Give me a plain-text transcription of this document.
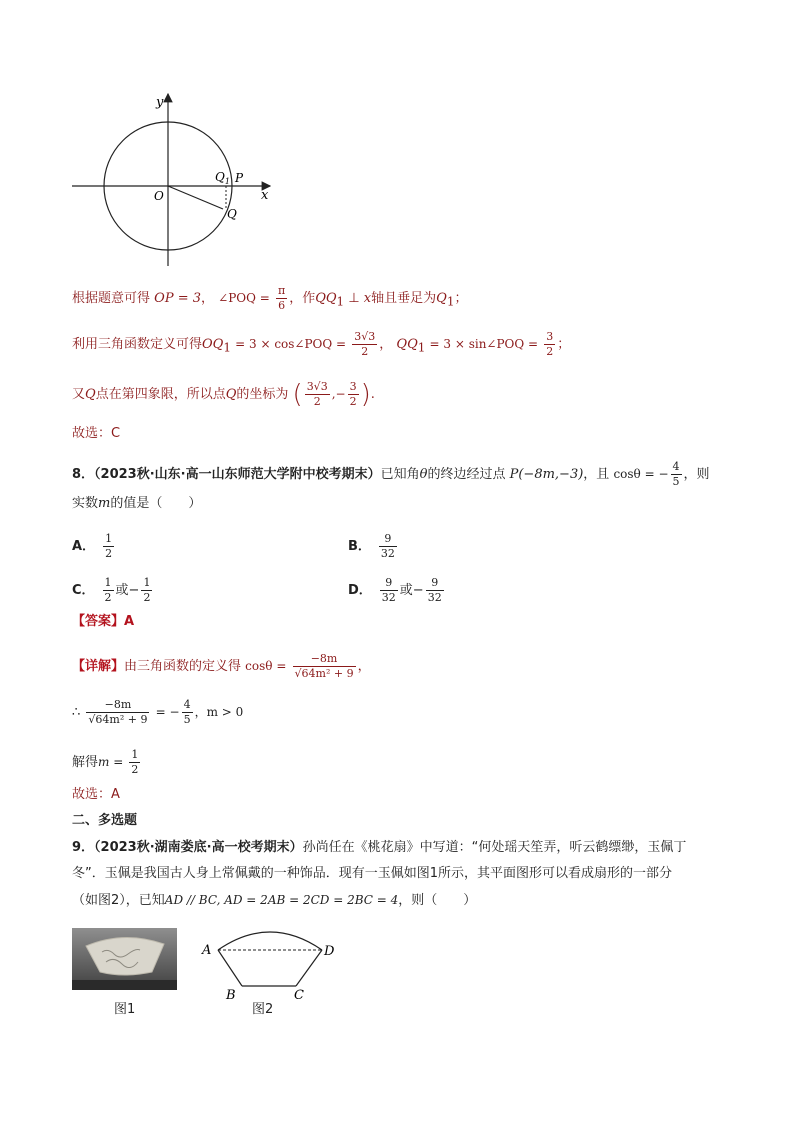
y
x
O
$Q_1$ P
Q
根据题意可得 OP = 3， ∠POQ = $\frac{\pi}{6}$ ，作$QQ_1$ ⊥ x轴且垂足为$Q_1$；
利用三角函数定义可得$OQ_1 = 3$ × cos∠POQ = $\frac{3√3}{2}$ ， $QQ_1 = 3$ × sin∠POQ = $\frac{3}{2}$ ；
又Q点在第四象限，所以点Q的坐标为 ( $\frac{3√3}{2}$ ,− $\frac{3}{2}$ ).
故选：C
8．（2023秋·山东·高一山东师范大学附中校考期末）已知角θ的终边经过点 P(−8m,−3)，且 cosθ = − $\frac{4}{5}$ ，则
实数m的值是（　　）
A． $\frac{1}{2}$	B． $\frac{9}{32}$
C． $\frac{1}{2}$ 或− $\frac{1}{2}$	D． $\frac{9}{32}$ 或− $\frac{9}{32}$
【答案】A
【详解】由三角函数的定义得 $\cos\theta = \frac{-8m}{\text{√64m² + 9}}$ ，
∴ $\frac{-8m}{\text{√64m² + 9}}$ = − $\frac{4}{5}$ ，m > 0
解得$m = \frac{1}{2}$
故选：A
二、多选题
9．（2023秋·湖南娄底·高一校考期末）孙尚任在《桃花扇》中写道：“何处瑶天笙弄，听云鹤缥缈，玉佩丁
冬”．玉佩是我国古人身上常佩戴的一种饰品．现有一玉佩如图1所示，其平面图形可以看成扇形的一部分
（如图2），已知AD // BC, AD = 2AB = 2CD = 2BC = 4，则（　　）
图1
A	D
B	C
图2
